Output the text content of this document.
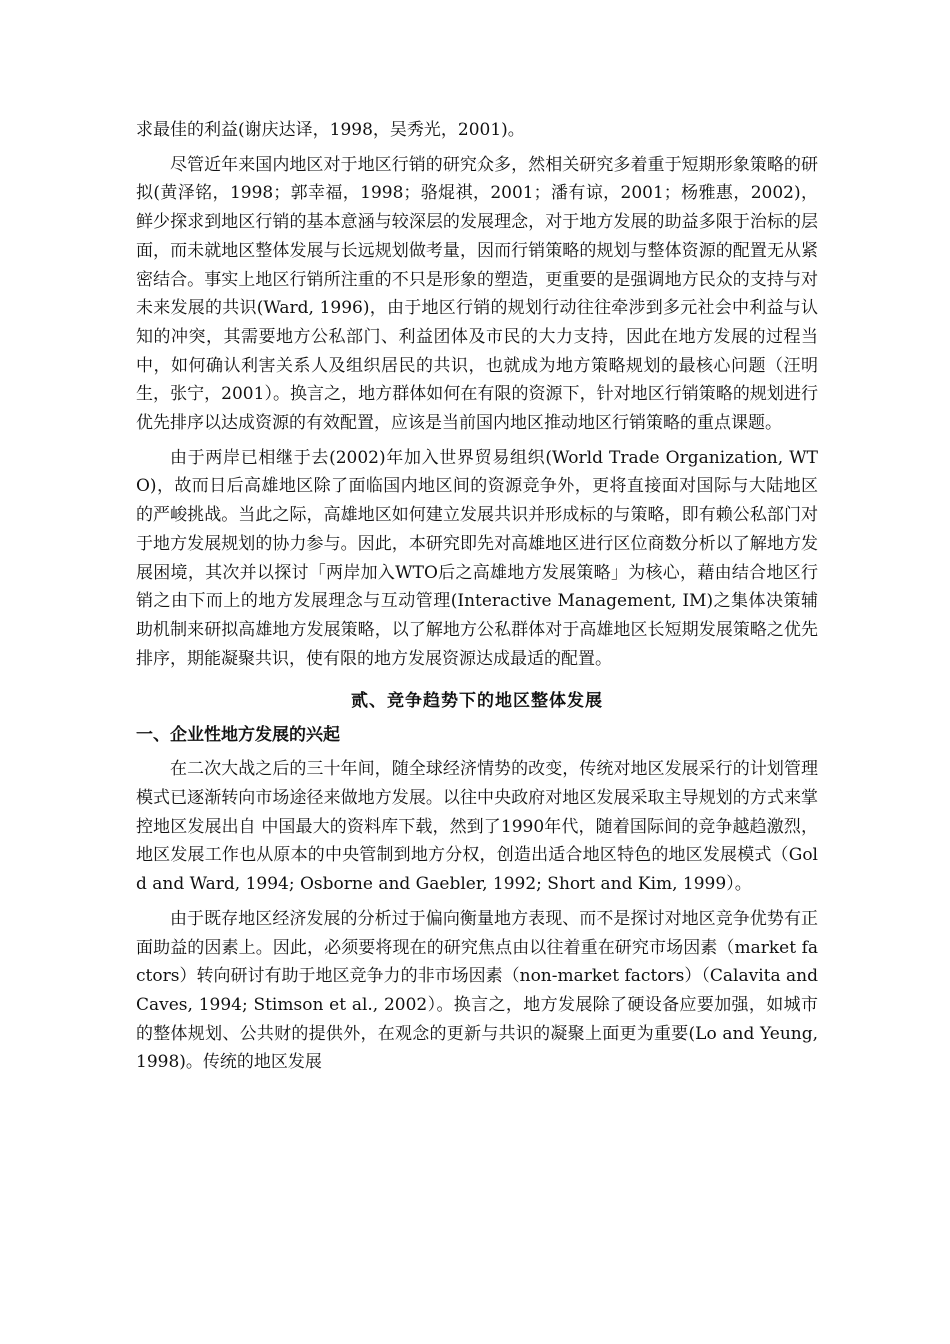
求最佳的利益(谢庆达译，1998，吴秀光，2001)。

尽管近年来国内地区对于地区行销的研究众多，然相关研究多着重于短期形象策略的研拟(黄泽铭，1998；郭幸福，1998；骆焜祺，2001；潘有谅，2001；杨雅惠，2002)，鲜少探求到地区行销的基本意涵与较深层的发展理念，对于地方发展的助益多限于治标的层面，而未就地区整体发展与长远规划做考量，因而行销策略的规划与整体资源的配置无从紧密结合。事实上地区行销所注重的不只是形象的塑造，更重要的是强调地方民众的支持与对未来发展的共识(Ward, 1996)，由于地区行销的规划行动往往牵涉到多元社会中利益与认知的冲突，其需要地方公私部门、利益团体及市民的大力支持，因此在地方发展的过程当中，如何确认利害关系人及组织居民的共识，也就成为地方策略规划的最核心问题（汪明生，张宁，2001）。换言之，地方群体如何在有限的资源下，针对地区行销策略的规划进行优先排序以达成资源的有效配置，应该是当前国内地区推动地区行销策略的重点课题。

由于两岸已相继于去(2002)年加入世界贸易组织(World Trade Organization, WTO)，故而日后高雄地区除了面临国内地区间的资源竞争外，更将直接面对国际与大陆地区的严峻挑战。当此之际，高雄地区如何建立发展共识并形成标的与策略，即有赖公私部门对于地方发展规划的协力参与。因此，本研究即先对高雄地区进行区位商数分析以了解地方发展困境，其次并以探讨「两岸加入WTO后之高雄地方发展策略」为核心，藉由结合地区行销之由下而上的地方发展理念与互动管理(Interactive Management, IM)之集体决策辅助机制来研拟高雄地方发展策略，以了解地方公私群体对于高雄地区长短期发展策略之优先排序，期能凝聚共识，使有限的地方发展资源达成最适的配置。

贰、竞争趋势下的地区整体发展
一、企业性地方发展的兴起

在二次大战之后的三十年间，随全球经济情势的改变，传统对地区发展采行的计划管理模式已逐渐转向市场途径来做地方发展。以往中央政府对地区发展采取主导规划的方式来掌控地区发展出自 中国最大的资料库下载，然到了1990年代，随着国际间的竞争越趋激烈，地区发展工作也从原本的中央管制到地方分权，创造出适合地区特色的地区发展模式（Gold and Ward, 1994; Osborne and Gaebler, 1992; Short and Kim, 1999）。

由于既存地区经济发展的分析过于偏向衡量地方表现、而不是探讨对地区竞争优势有正面助益的因素上。因此，必须要将现在的研究焦点由以往着重在研究市场因素（market factors）转向研讨有助于地区竞争力的非市场因素（non-market factors）（Calavita and Caves, 1994; Stimson et al., 2002）。换言之，地方发展除了硬设备应要加强，如城市的整体规划、公共财的提供外，在观念的更新与共识的凝聚上面更为重要(Lo and Yeung, 1998)。传统的地区发展
